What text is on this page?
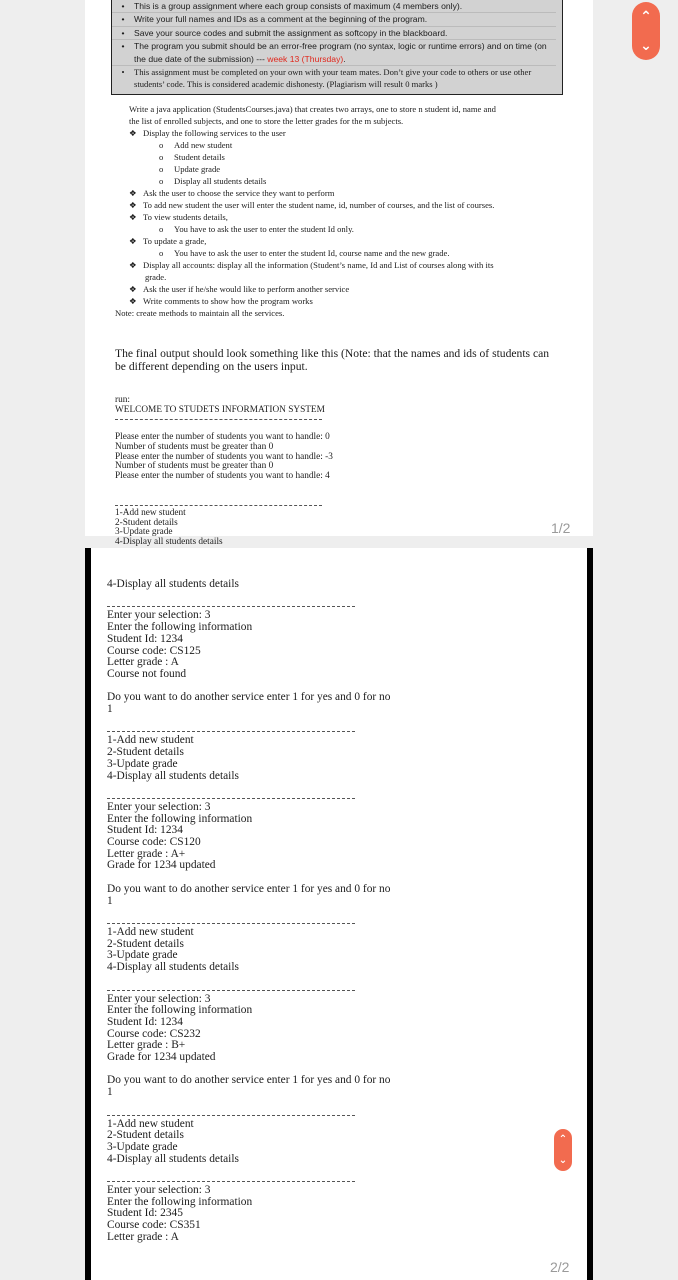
•	This is a group assignment where each group consists of maximum (4 members only).
•	Write your full names and IDs as a comment at the beginning of the program.
•	Save your source codes and submit the assignment as softcopy in the blackboard.
•	The program you submit should be an error-free program (no syntax, logic or runtime errors) and on time (on the due date of the submission) --- week 13 (Thursday).
•	This assignment must be completed on your own with your team mates. Don’t give your code to others or use other students’ code. This is considered academic dishonesty. (Plagiarism will result 0 marks )
Write a java application (StudentsCourses.java) that creates two arrays, one to store n student id, name and
the list of enrolled subjects, and one to store the letter grades for the m subjects.
❖ Display the following services to the user
o Add new student
o Student details
o Update grade
o Display all students details
❖ Ask the user to choose the service they want to perform
❖ To add new student the user will enter the student name, id, number of courses, and the list of courses.
❖ To view students details,
o You have to ask the user to enter the student Id only.
❖ To update a grade,
o You have to ask the user to enter the student Id, course name and the new grade.
❖ Display all accounts: display all the information (Student’s name, Id and List of courses along with its
grade.
❖ Ask the user if he/she would like to perform another service
❖ Write comments to show how the program works
Note: create methods to maintain all the services.
The final output should look something like this (Note: that the names and ids of students can be different depending on the users input.
run:
WELCOME TO STUDETS INFORMATION SYSTEM

Please enter the number of students you want to handle: 0
Number of students must be greater than 0
Please enter the number of students you want to handle: -3
Number of students must be greater than 0
Please enter the number of students you want to handle: 4

1-Add new student
2-Student details
3-Update grade
4-Display all students details
1/2
4-Display all students details

Enter your selection: 3
Enter the following information
Student Id: 1234
Course code: CS125
Letter grade : A
Course not found

Do you want to do another service enter 1 for yes and 0 for no
1

1-Add new student
2-Student details
3-Update grade
4-Display all students details

Enter your selection: 3
Enter the following information
Student Id: 1234
Course code: CS120
Letter grade : A+
Grade for 1234 updated

Do you want to do another service enter 1 for yes and 0 for no
1

1-Add new student
2-Student details
3-Update grade
4-Display all students details

Enter your selection: 3
Enter the following information
Student Id: 1234
Course code: CS232
Letter grade : B+
Grade for 1234 updated

Do you want to do another service enter 1 for yes and 0 for no
1

1-Add new student
2-Student details
3-Update grade
4-Display all students details

Enter your selection: 3
Enter the following information
Student Id: 2345
Course code: CS351
Letter grade : A
2/2
⌃
⌄
⌃
⌄
